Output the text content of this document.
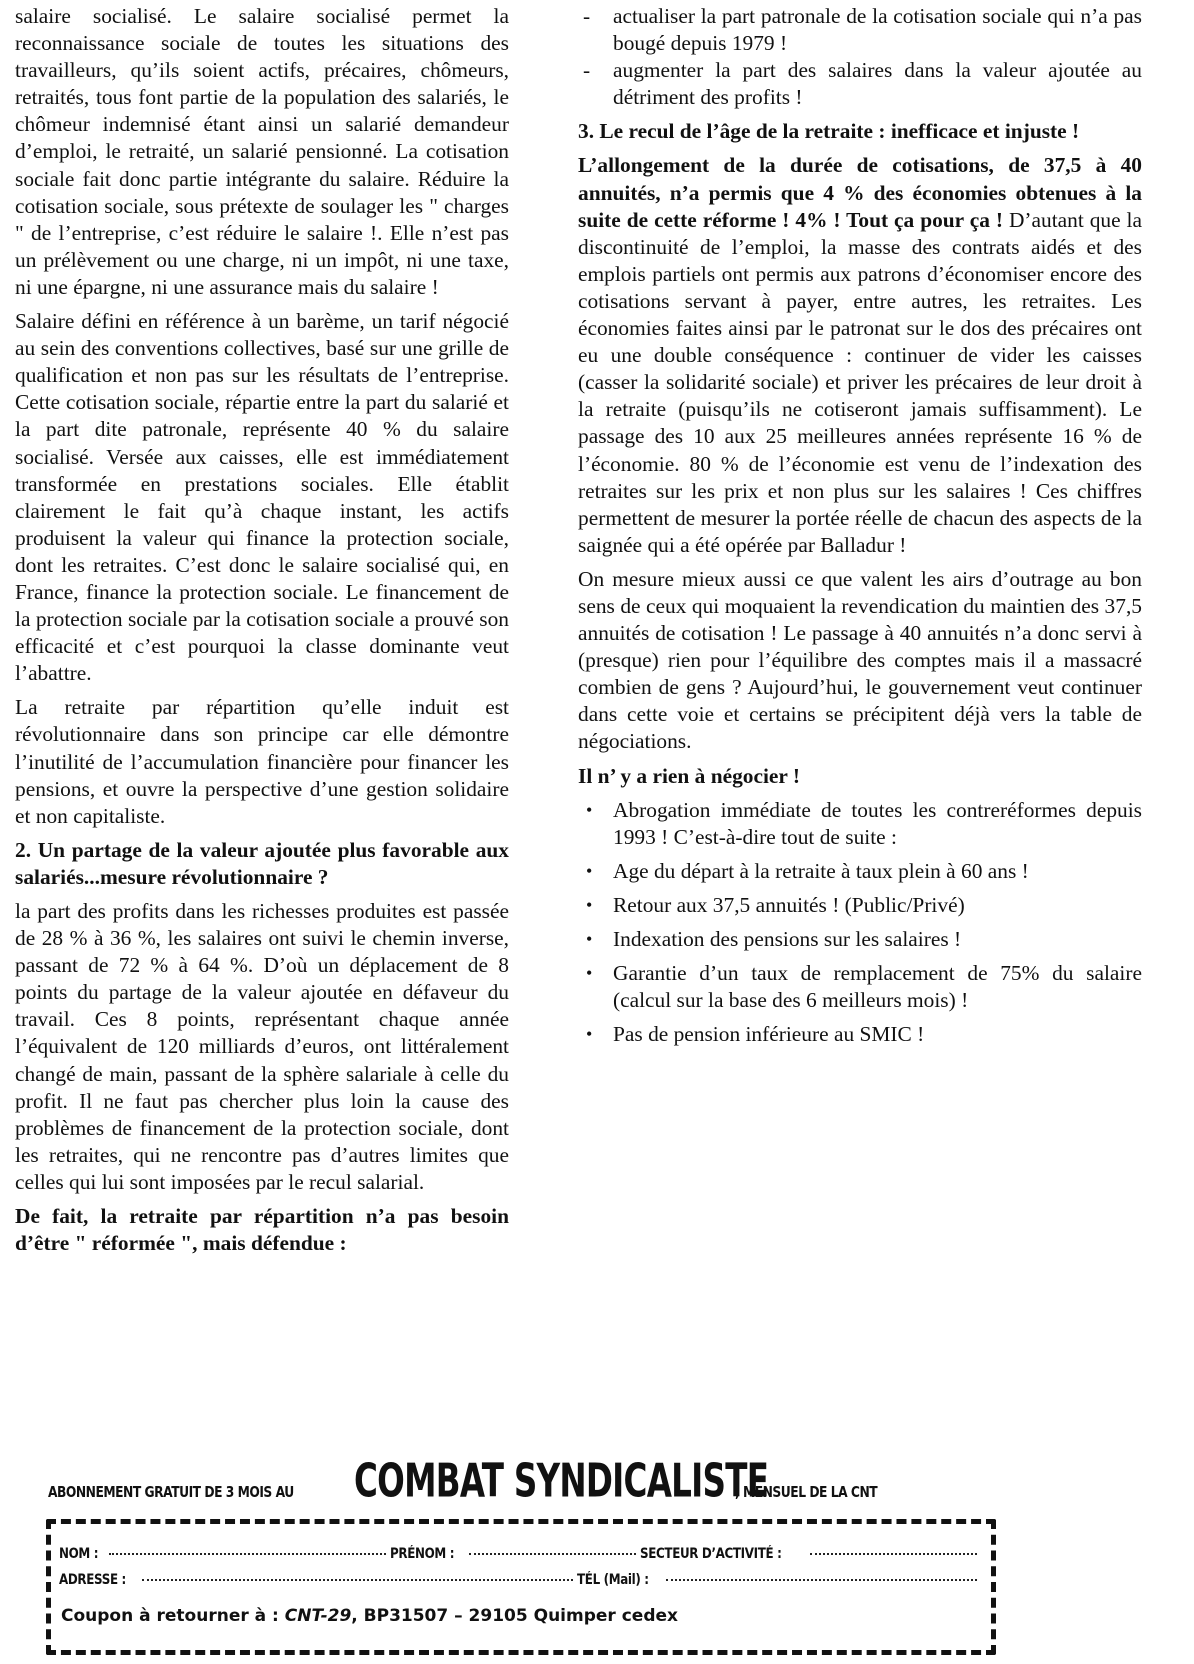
salaire socialisé. Le salaire socialisé permet la reconnaissance sociale de toutes les situations des travailleurs, qu’ils soient actifs, précaires, chômeurs, retraités, tous font partie de la population des salariés, le chômeur indemnisé étant ainsi un salarié demandeur d’emploi, le retraité, un salarié pensionné. La cotisation sociale fait donc partie intégrante du salaire. Réduire la cotisation sociale, sous prétexte de soulager les " charges " de l’entreprise, c’est réduire le salaire !. Elle n’est pas un prélèvement ou une charge, ni un impôt, ni une taxe, ni une épargne, ni une assurance mais du salaire !

Salaire défini en référence à un barème, un tarif négocié au sein des conventions collectives, basé sur une grille de qualification et non pas sur les résultats de l’entreprise. Cette cotisation sociale, répartie entre la part du salarié et la part dite patronale, représente 40 % du salaire socialisé. Versée aux caisses, elle est immédiatement transformée en prestations sociales. Elle établit clairement le fait qu’à chaque instant, les actifs produisent la valeur qui finance la protection sociale, dont les retraites. C’est donc le salaire socialisé qui, en France, finance la protection sociale. Le financement de la protection sociale par la cotisation sociale a prouvé son efficacité et c’est pourquoi la classe dominante veut l’abattre.

La retraite par répartition qu’elle induit est révolutionnaire dans son principe car elle démontre l’inutilité de l’accumulation financière pour financer les pensions, et ouvre la perspective d’une gestion solidaire et non capitaliste.

2. Un partage de la valeur ajoutée plus favorable aux salariés...mesure révolutionnaire ?

la part des profits dans les richesses produites est passée de 28 % à 36 %, les salaires ont suivi le chemin inverse, passant de 72 % à 64 %. D’où un déplacement de 8 points du partage de la valeur ajoutée en défaveur du travail. Ces 8 points, représentant chaque année l’équivalent de 120 milliards d’euros, ont littéralement changé de main, passant de la sphère salariale à celle du profit. Il ne faut pas chercher plus loin la cause des problèmes de financement de la protection sociale, dont les retraites, qui ne rencontre pas d’autres limites que celles qui lui sont imposées par le recul salarial.

De fait, la retraite par répartition n’a pas besoin d’être " réformée ", mais défendue :

- actualiser la part patronale de la cotisation sociale qui n’a pas bougé depuis 1979 !
- augmenter la part des salaires dans la valeur ajoutée au détriment des profits !

3. Le recul de l’âge de la retraite : inefficace et injuste !

L’allongement de la durée de cotisations, de 37,5 à 40 annuités, n’a permis que 4 % des économies obtenues à la suite de cette réforme ! 4% ! Tout ça pour ça ! D’autant que la discontinuité de l’emploi, la masse des contrats aidés et des emplois partiels ont permis aux patrons d’économiser encore des cotisations servant à payer, entre autres, les retraites. Les économies faites ainsi par le patronat sur le dos des précaires ont eu une double conséquence : continuer de vider les caisses (casser la solidarité sociale) et priver les précaires de leur droit à la retraite (puisqu’ils ne cotiseront jamais suffisamment). Le passage des 10 aux 25 meilleures années représente 16 % de l’économie. 80 % de l’économie est venu de l’indexation des retraites sur les prix et non plus sur les salaires ! Ces chiffres permettent de mesurer la portée réelle de chacun des aspects de la saignée qui a été opérée par Balladur !

On mesure mieux aussi ce que valent les airs d’outrage au bon sens de ceux qui moquaient la revendication du maintien des 37,5 annuités de cotisation ! Le passage à 40 annuités n’a donc servi à (presque) rien pour l’équilibre des comptes mais il a massacré combien de gens ? Aujourd’hui, le gouvernement veut continuer dans cette voie et certains se précipitent déjà vers la table de négociations.

Il n’ y a rien à négocier !

• Abrogation immédiate de toutes les contreréformes depuis 1993 ! C’est-à-dire tout de suite :
• Age du départ à la retraite à taux plein à 60 ans !
• Retour aux 37,5 annuités ! (Public/Privé)
• Indexation des pensions sur les salaires !
• Garantie d’un taux de remplacement de 75% du salaire (calcul sur la base des 6 meilleurs mois) !
• Pas de pension inférieure au SMIC !
ABONNEMENT GRATUIT DE 3 MOIS AU COMBAT SYNDICALISTE, MENSUEL DE LA CNT
NOM :	PRÉNOM :	SECTEUR D’ACTIVITÉ :
ADRESSE :	TÉL (Mail) :
Coupon à retourner à : CNT-29, BP31507 – 29105 Quimper cedex
